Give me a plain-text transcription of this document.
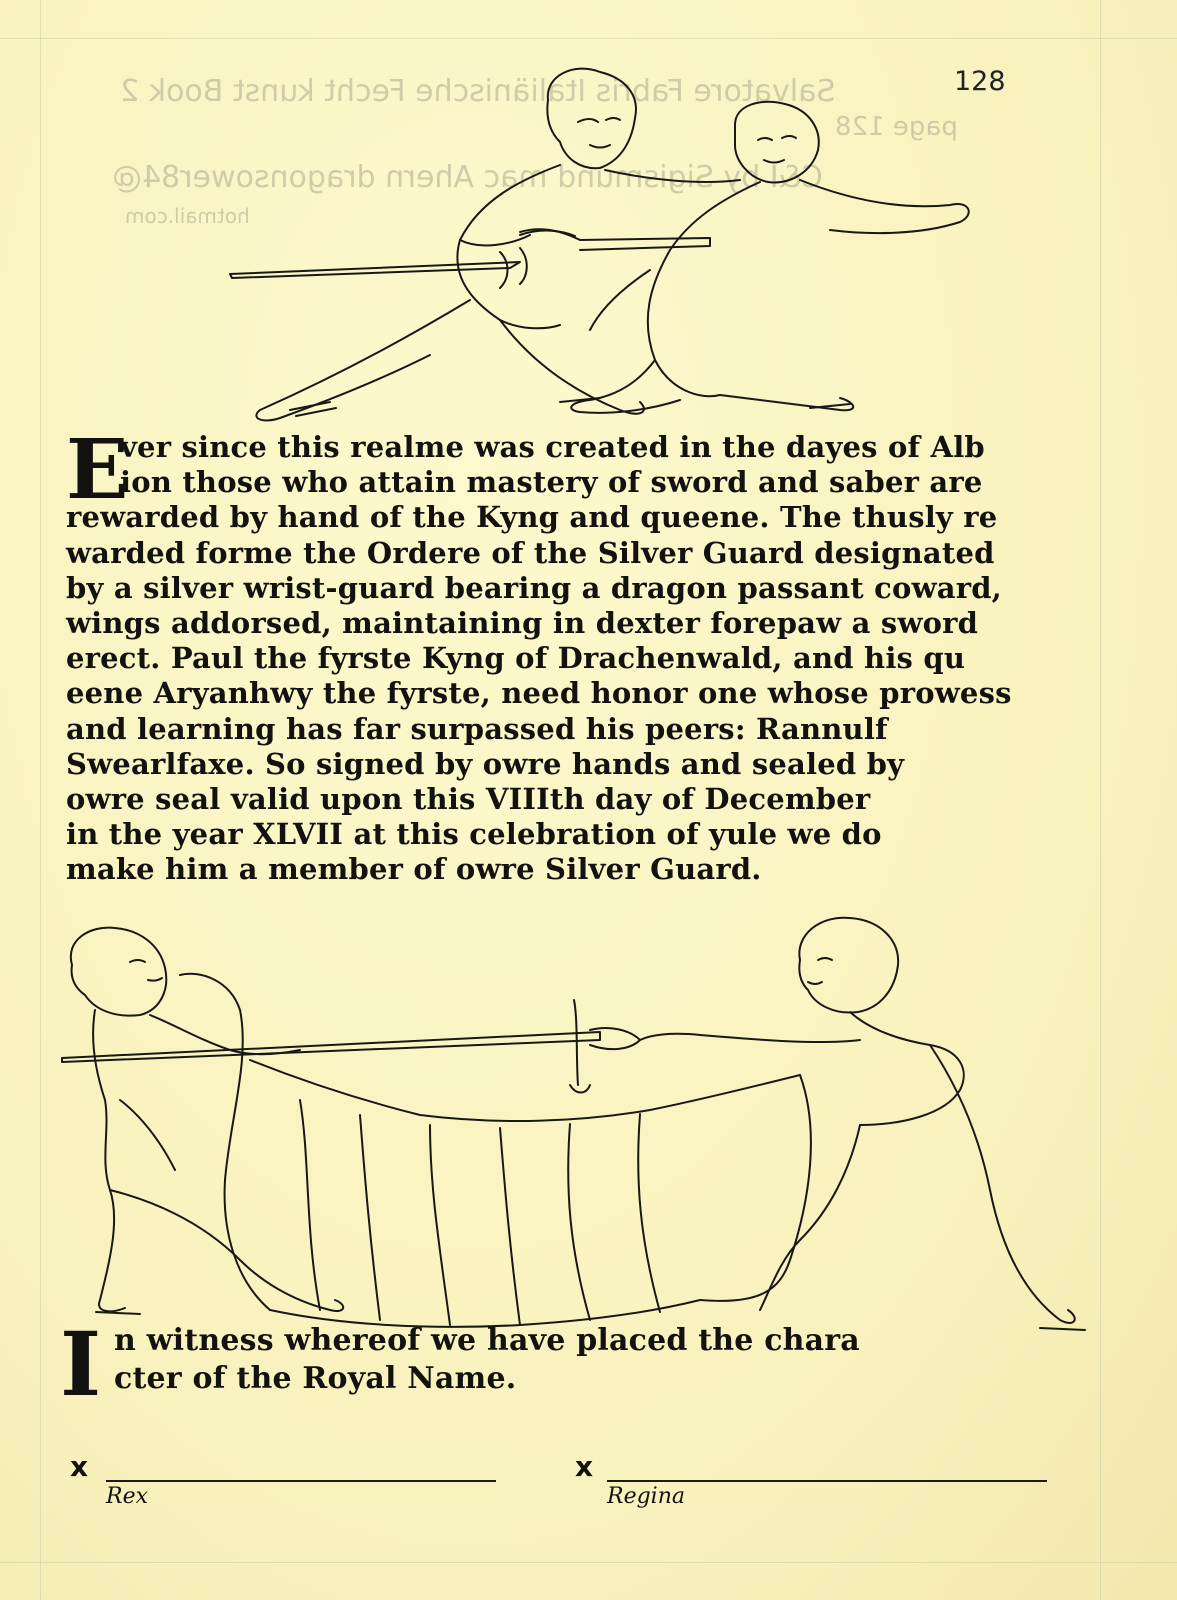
Salvatore Fabris Italiänische Fecht kunst Book 2
page 128
C&I by Sigismund mac Ahern dragonsower84@
hotmail.com
128
E
ver since this realme was created in the dayes of Alb
ion those who attain mastery of sword and saber are
rewarded by hand of the Kyng and queene. The thusly re
warded forme the Ordere of the Silver Guard designated
by a silver wrist-guard bearing a dragon passant coward,
wings addorsed, maintaining in dexter forepaw a sword
erect. Paul the fyrste Kyng of Drachenwald, and his qu
eene Aryanhwy the fyrste, need honor one whose prowess
and learning has far surpassed his peers: Rannulf
Swearlfaxe. So signed by owre hands and sealed by
owre seal valid upon this VIIIth day of December
in the year XLVII at this celebration of yule we do
make him a member of owre Silver Guard.
I n witness whereof we have placed the chara
cter of the Royal Name.
x
Rex
x
Regina
